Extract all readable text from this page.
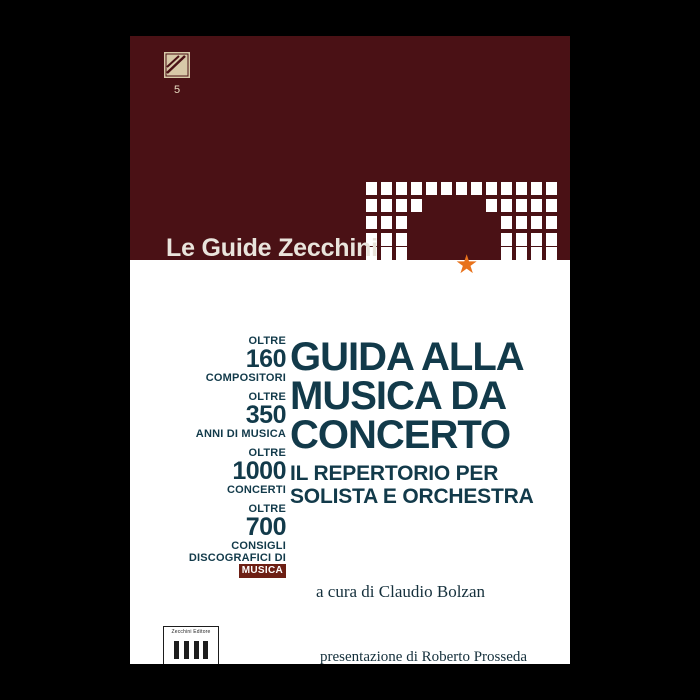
5
★
Le Guide Zecchini
OLTRE
160
COMPOSITORI
OLTRE
350
ANNI DI MUSICA
OLTRE
1000
CONCERTI
OLTRE
700
CONSIGLI
DISCOGRAFICI DI MUSICA
GUIDA ALLA
MUSICA DA
CONCERTO
IL REPERTORIO PER
SOLISTA E ORCHESTRA
a cura di Claudio Bolzan
presentazione di Roberto Prosseda
Zecchini Editore
